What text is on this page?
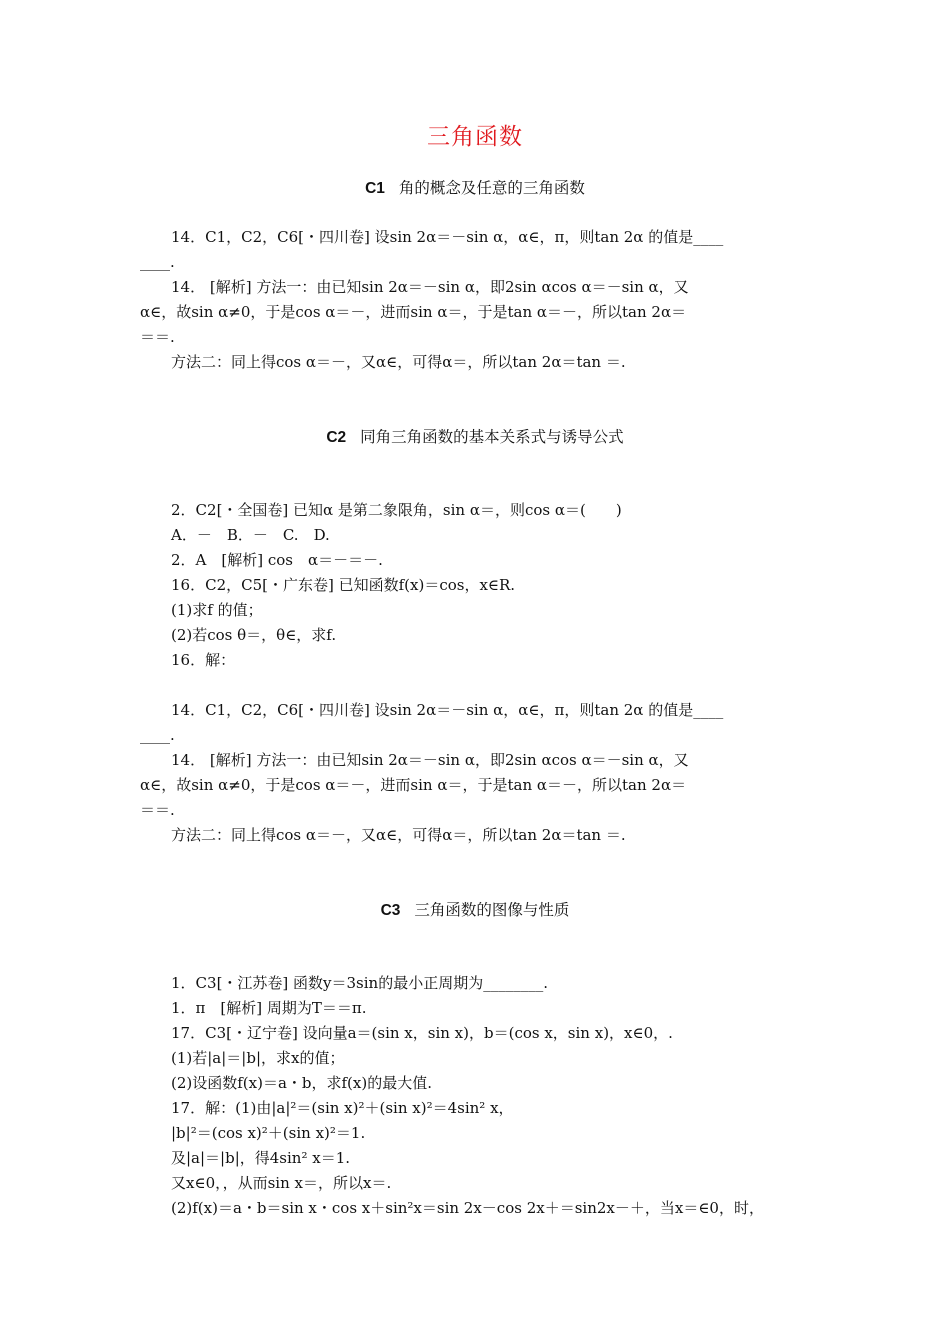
三角函数
C1 角的概念及任意的三角函数
14．C1，C2，C6[・四川卷] 设sin 2α＝－sin α，α∈，π，则tan 2α 的值是____
____.
14． [解析] 方法一：由已知sin 2α＝－sin α，即2sin αcos α＝－sin α，又
α∈，故sin α≠0，于是cos α＝－，进而sin α＝，于是tan α＝－，所以tan 2α＝
＝＝.
方法二：同上得cos α＝－，又α∈，可得α＝，所以tan 2α＝tan ＝.
C2 同角三角函数的基本关系式与诱导公式
2．C2[・全国卷] 已知α 是第二象限角，sin α＝，则cos α＝(　　)
A．－　B．－　C.　D.
2．A　[解析] cos　α＝－＝－.
16．C2，C5[・广东卷] 已知函数f(x)＝cos，x∈R.
(1)求f 的值；
(2)若cos θ＝，θ∈，求f.
16．解：
14．C1，C2，C6[・四川卷] 设sin 2α＝－sin α，α∈，π，则tan 2α 的值是____
____.
14． [解析] 方法一：由已知sin 2α＝－sin α，即2sin αcos α＝－sin α，又
α∈，故sin α≠0，于是cos α＝－，进而sin α＝，于是tan α＝－，所以tan 2α＝
＝＝.
方法二：同上得cos α＝－，又α∈，可得α＝，所以tan 2α＝tan ＝.
C3 三角函数的图像与性质
1．C3[・江苏卷] 函数y＝3sin的最小正周期为________.
1．π　[解析] 周期为T＝＝π.
17．C3[・辽宁卷] 设向量a＝(sin x，sin x)，b＝(cos x，sin x)，x∈0，.
(1)若|a|＝|b|，求x的值；
(2)设函数f(x)＝a・b，求f(x)的最大值.
17．解：(1)由|a|²＝(sin x)²＋(sin x)²＝4sin² x，
|b|²＝(cos x)²＋(sin x)²＝1.
及|a|＝|b|，得4sin² x＝1.
又x∈0，，从而sin x＝，所以x＝.
(2)f(x)＝a・b＝sin x・cos x＋sin²x＝sin 2x－cos 2x＋＝sin2x－＋，当x＝∈0，时，
